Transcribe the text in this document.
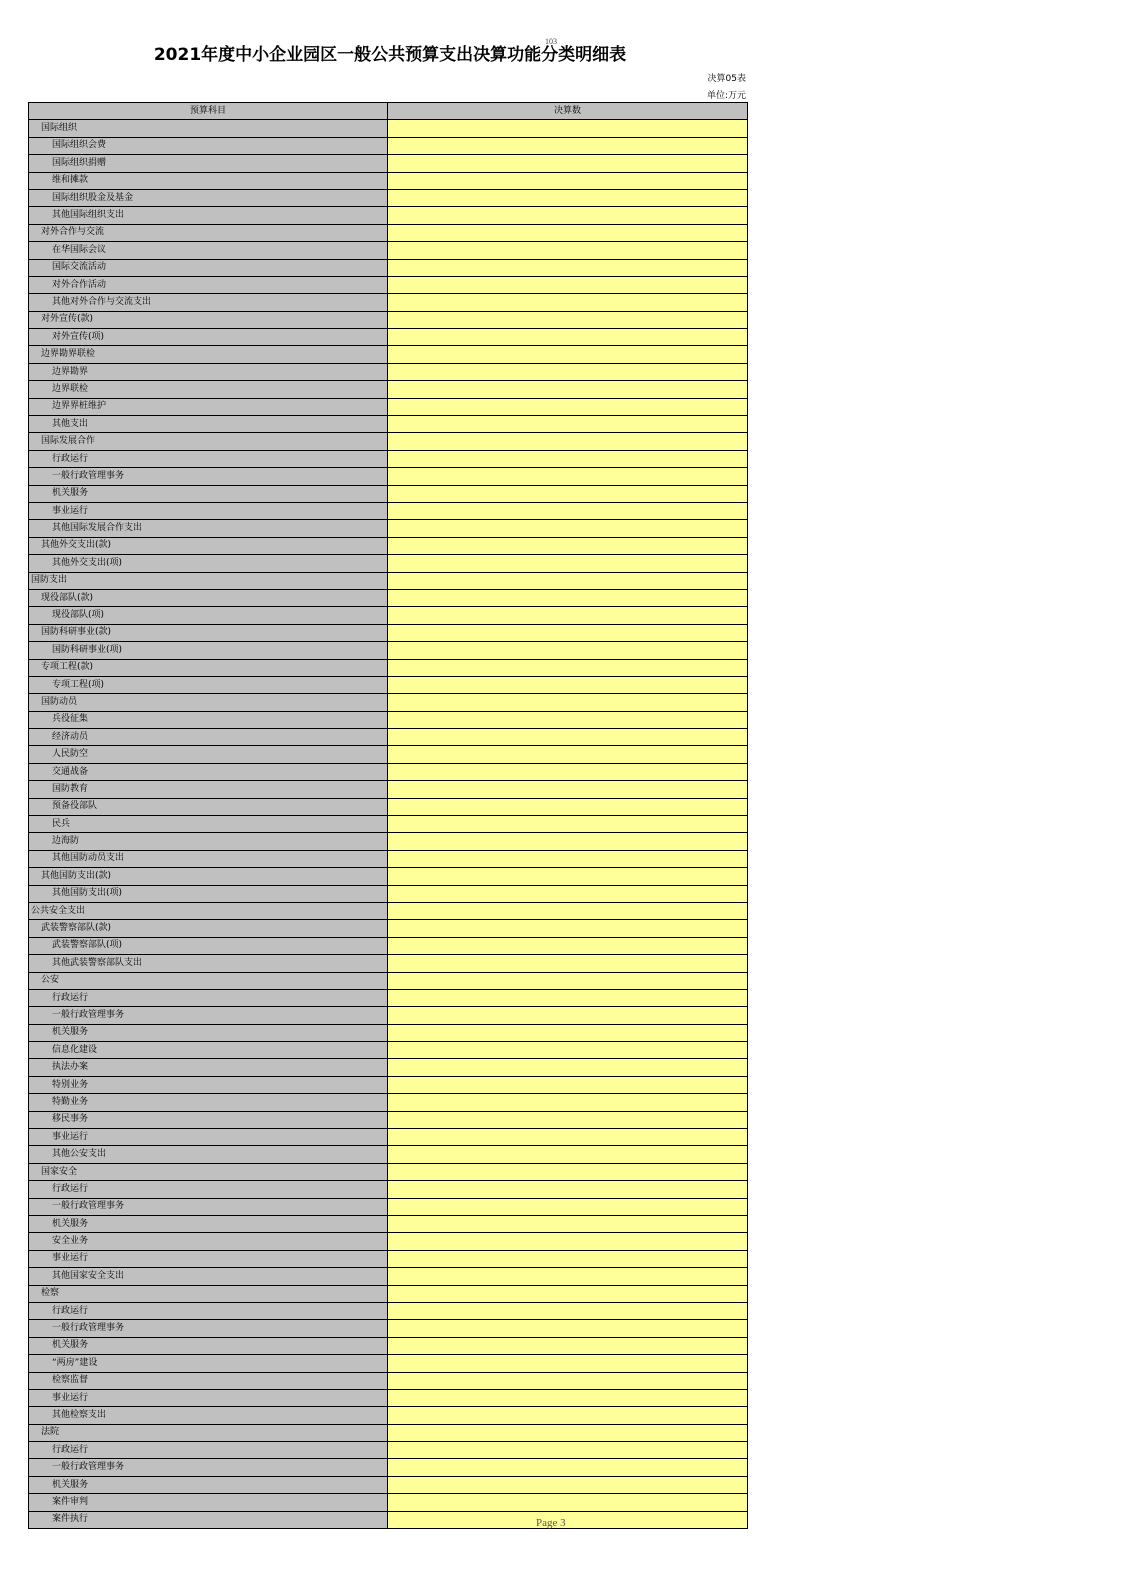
2021年度中小企业园区一般公共预算支出决算功能分类明细表
103
决算05表
单位:万元
预算科目	决算数
国际组织	
国际组织会费	
国际组织捐赠	
维和摊款	
国际组织股金及基金	
其他国际组织支出	
对外合作与交流	
在华国际会议	
国际交流活动	
对外合作活动	
其他对外合作与交流支出	
对外宣传(款)	
对外宣传(项)	
边界勘界联检	
边界勘界	
边界联检	
边界界桩维护	
其他支出	
国际发展合作	
行政运行	
一般行政管理事务	
机关服务	
事业运行	
其他国际发展合作支出	
其他外交支出(款)	
其他外交支出(项)	
国防支出	
现役部队(款)	
现役部队(项)	
国防科研事业(款)	
国防科研事业(项)	
专项工程(款)	
专项工程(项)	
国防动员	
兵役征集	
经济动员	
人民防空	
交通战备	
国防教育	
预备役部队	
民兵	
边海防	
其他国防动员支出	
其他国防支出(款)	
其他国防支出(项)	
公共安全支出	
武装警察部队(款)	
武装警察部队(项)	
其他武装警察部队支出	
公安	
行政运行	
一般行政管理事务	
机关服务	
信息化建设	
执法办案	
特别业务	
特勤业务	
移民事务	
事业运行	
其他公安支出	
国家安全	
行政运行	
一般行政管理事务	
机关服务	
安全业务	
事业运行	
其他国家安全支出	
检察	
行政运行	
一般行政管理事务	
机关服务	
“两房”建设	
检察监督	
事业运行	
其他检察支出	
法院	
行政运行	
一般行政管理事务	
机关服务	
案件审判	
案件执行		Page 3
